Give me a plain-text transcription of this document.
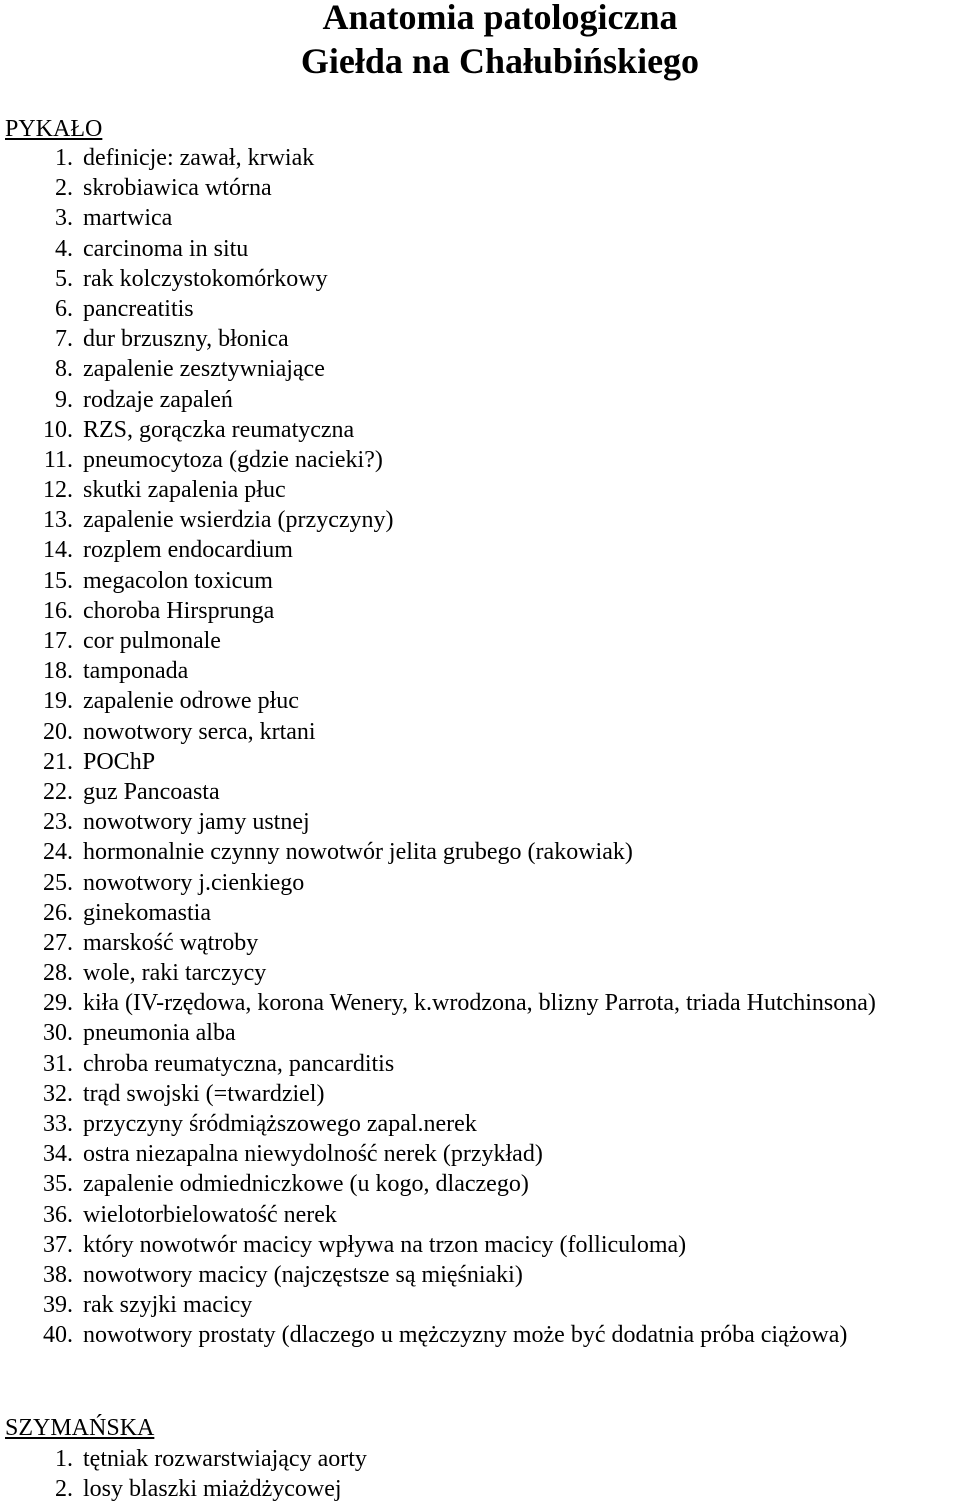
Anatomia patologiczna
Giełda na Chałubińskiego
PYKAŁO
1. definicje: zawał, krwiak
2. skrobiawica wtórna
3. martwica
4. carcinoma in situ
5. rak kolczystokomórkowy
6. pancreatitis
7. dur brzuszny, błonica
8. zapalenie zesztywniające
9. rodzaje zapaleń
10. RZS, gorączka reumatyczna
11. pneumocytoza (gdzie nacieki?)
12. skutki zapalenia płuc
13. zapalenie wsierdzia (przyczyny)
14. rozplem endocardium
15. megacolon toxicum
16. choroba Hirsprunga
17. cor pulmonale
18. tamponada
19. zapalenie odrowe płuc
20. nowotwory serca, krtani
21. POChP
22. guz Pancoasta
23. nowotwory jamy ustnej
24. hormonalnie czynny nowotwór jelita grubego (rakowiak)
25. nowotwory j.cienkiego
26. ginekomastia
27. marskość wątroby
28. wole, raki tarczycy
29. kiła (IV-rzędowa, korona Wenery, k.wrodzona, blizny Parrota, triada Hutchinsona)
30. pneumonia alba
31. chroba reumatyczna, pancarditis
32. trąd swojski (=twardziel)
33. przyczyny śródmiąższowego zapal.nerek
34. ostra niezapalna niewydolność nerek (przykład)
35. zapalenie odmiedniczkowe (u kogo, dlaczego)
36. wielotorbielowatość nerek
37. który nowotwór macicy wpływa na trzon macicy (folliculoma)
38. nowotwory macicy (najczęstsze są mięśniaki)
39. rak szyjki macicy
40. nowotwory prostaty (dlaczego u mężczyzny może być dodatnia próba ciążowa)
SZYMAŃSKA
1. tętniak rozwarstwiający aorty
2. losy blaszki miażdżycowej
